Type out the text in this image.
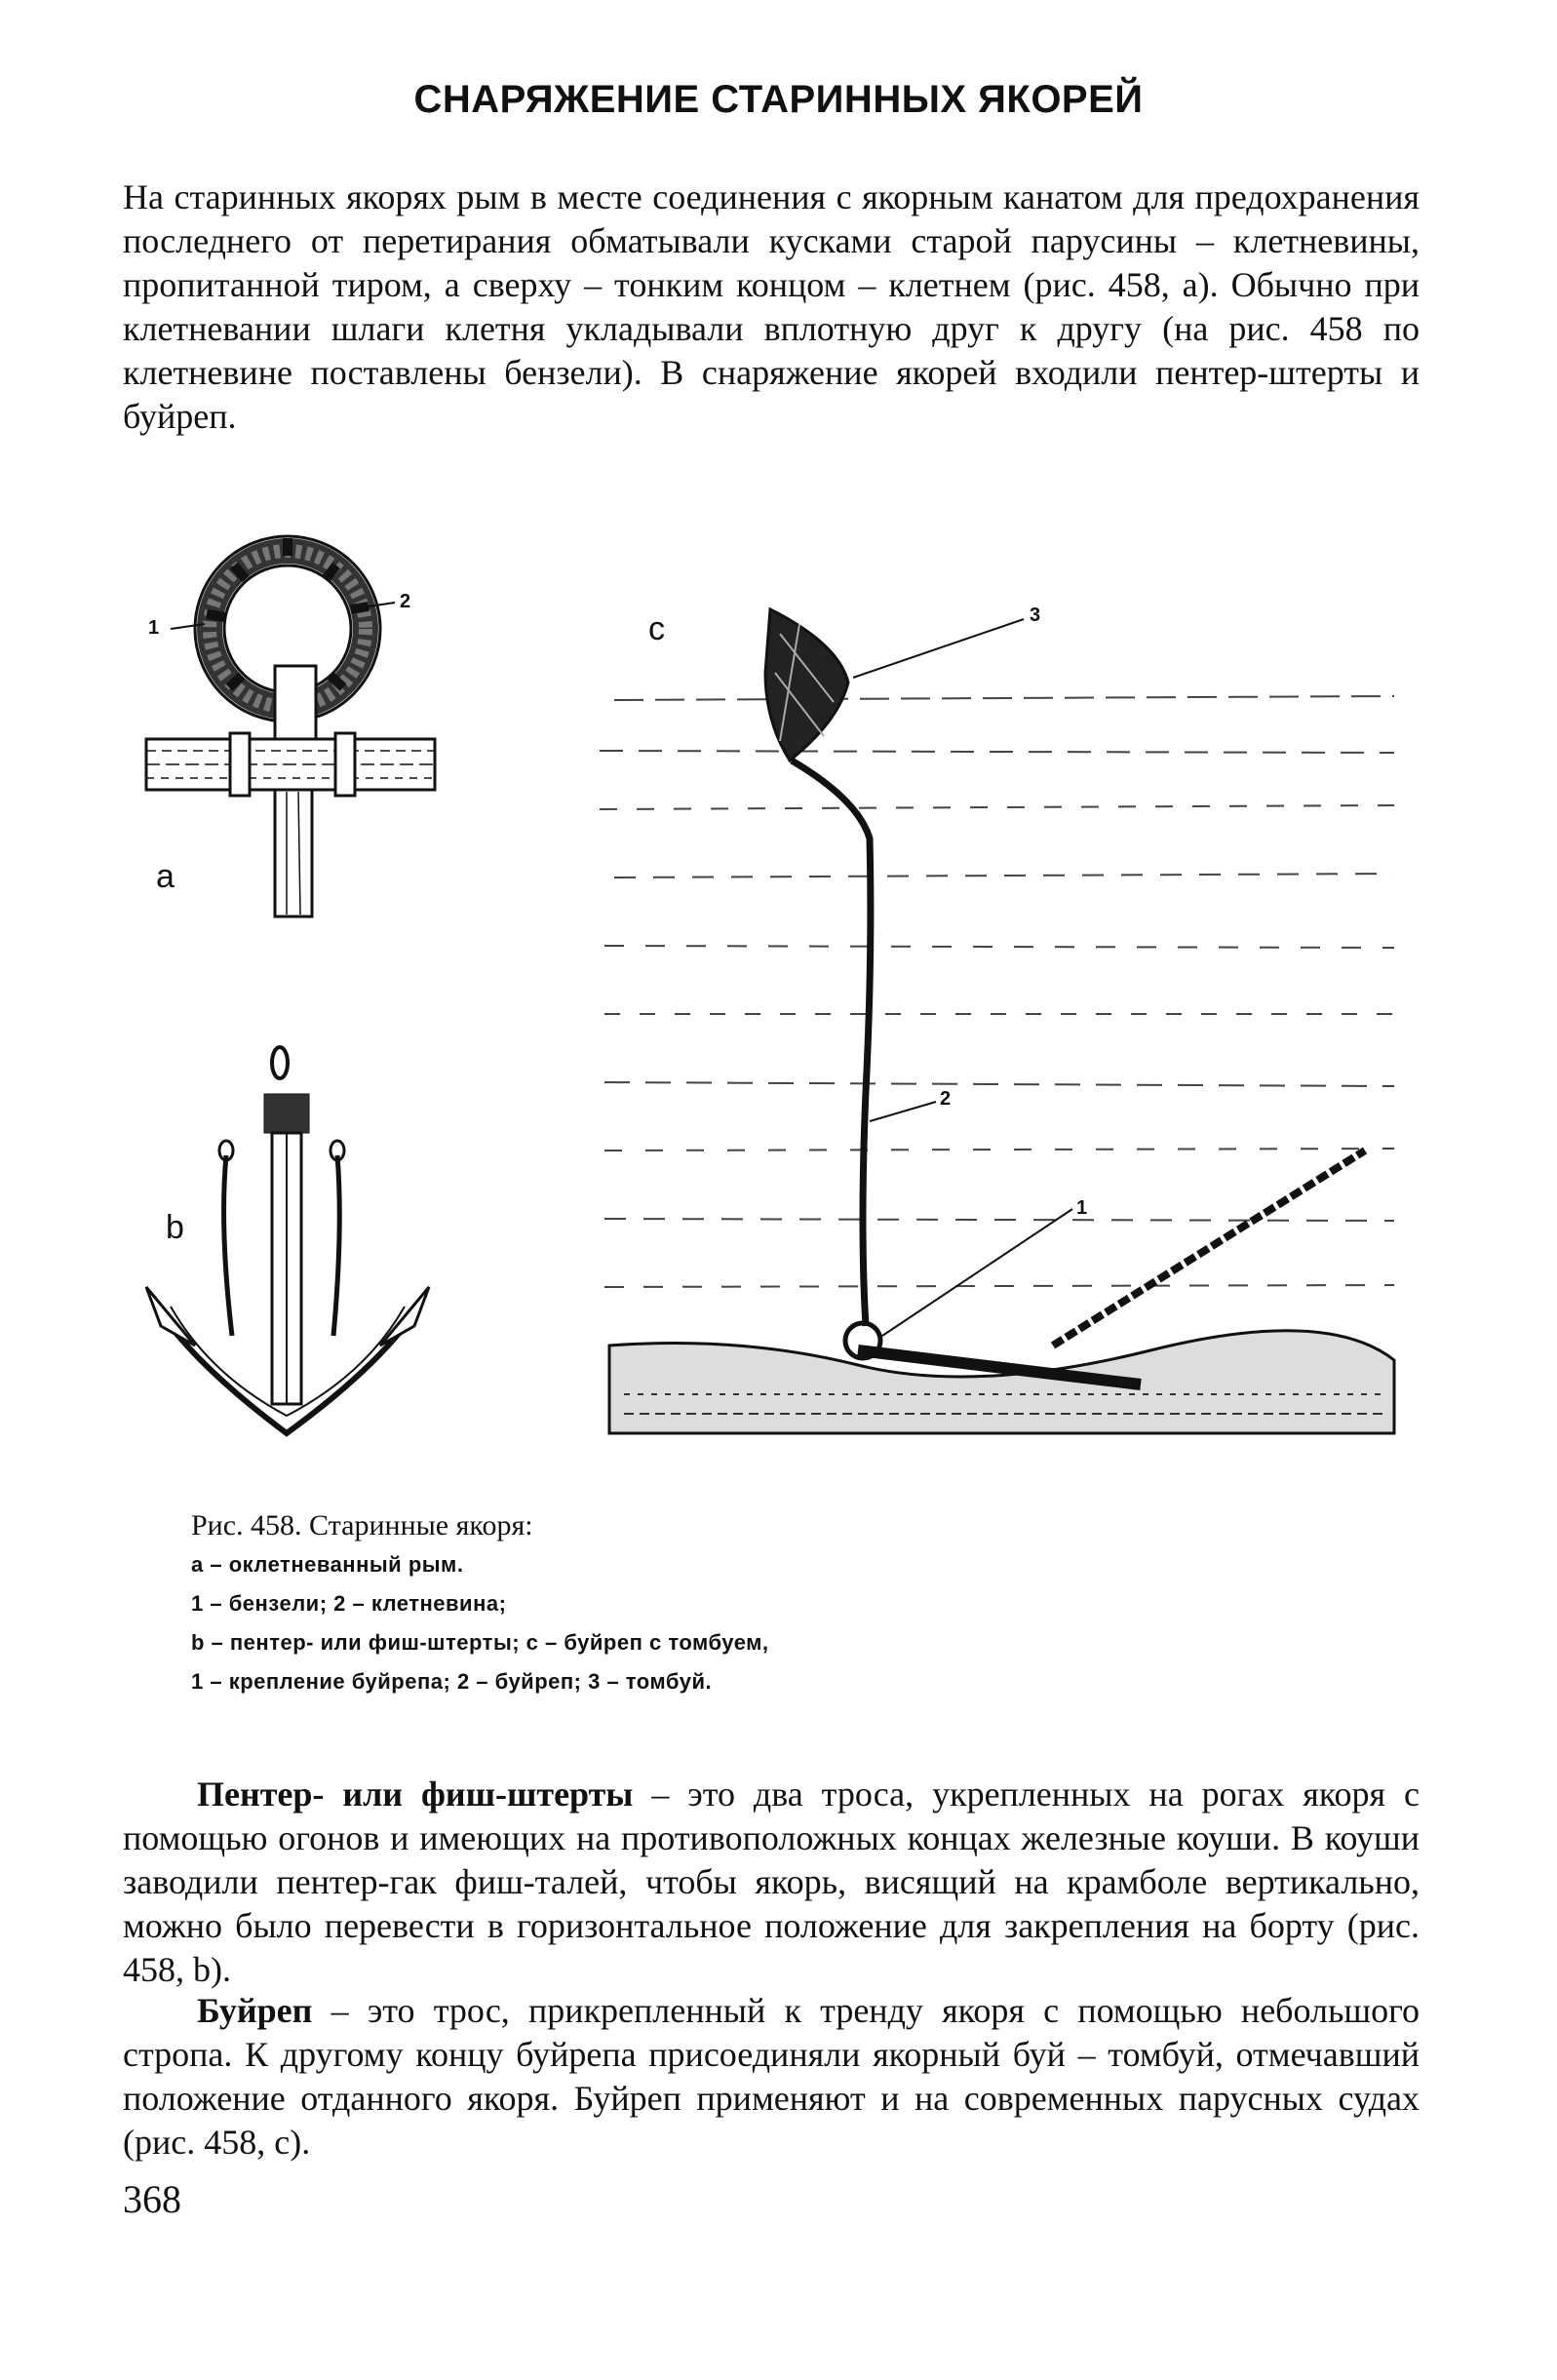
СНАРЯЖЕНИЕ СТАРИННЫХ ЯКОРЕЙ

На старинных якорях рым в месте соединения с якорным канатом для предохранения последнего от перетирания обматывали кусками старой парусины – клетневины, пропитанной тиром, а сверху – тонким концом – клетнем (рис. 458, а). Обычно при клетневании шлаги клетня укладывали вплотную друг к другу (на рис. 458 по клетневине поставлены бензели). В снаряжение якорей входили пентер-штерты и буйреп.

а
b
с
1
2
1
2
3
Рис. 458. Старинные якоря:
а – оклетневанный рым.
1 – бензели; 2 – клетневина;
b – пентер- или фиш-штерты; с – буйреп с томбуем,
1 – крепление буйрепа; 2 – буйреп; 3 – томбуй.

Пентер- или фиш-штерты – это два троса, укрепленных на рогах якоря с помощью огонов и имеющих на противоположных концах железные коуши. В коуши заводили пентер-гак фиш-талей, чтобы якорь, висящий на крамболе вертикально, можно было перевести в горизонтальное положение для закрепления на борту (рис. 458, b).

Буйреп – это трос, прикрепленный к тренду якоря с помощью небольшого стропа. К другому концу буйрепа присоединяли якорный буй – томбуй, отмечавший положение отданного якоря. Буйреп применяют и на современных парусных судах (рис. 458, с).

368
